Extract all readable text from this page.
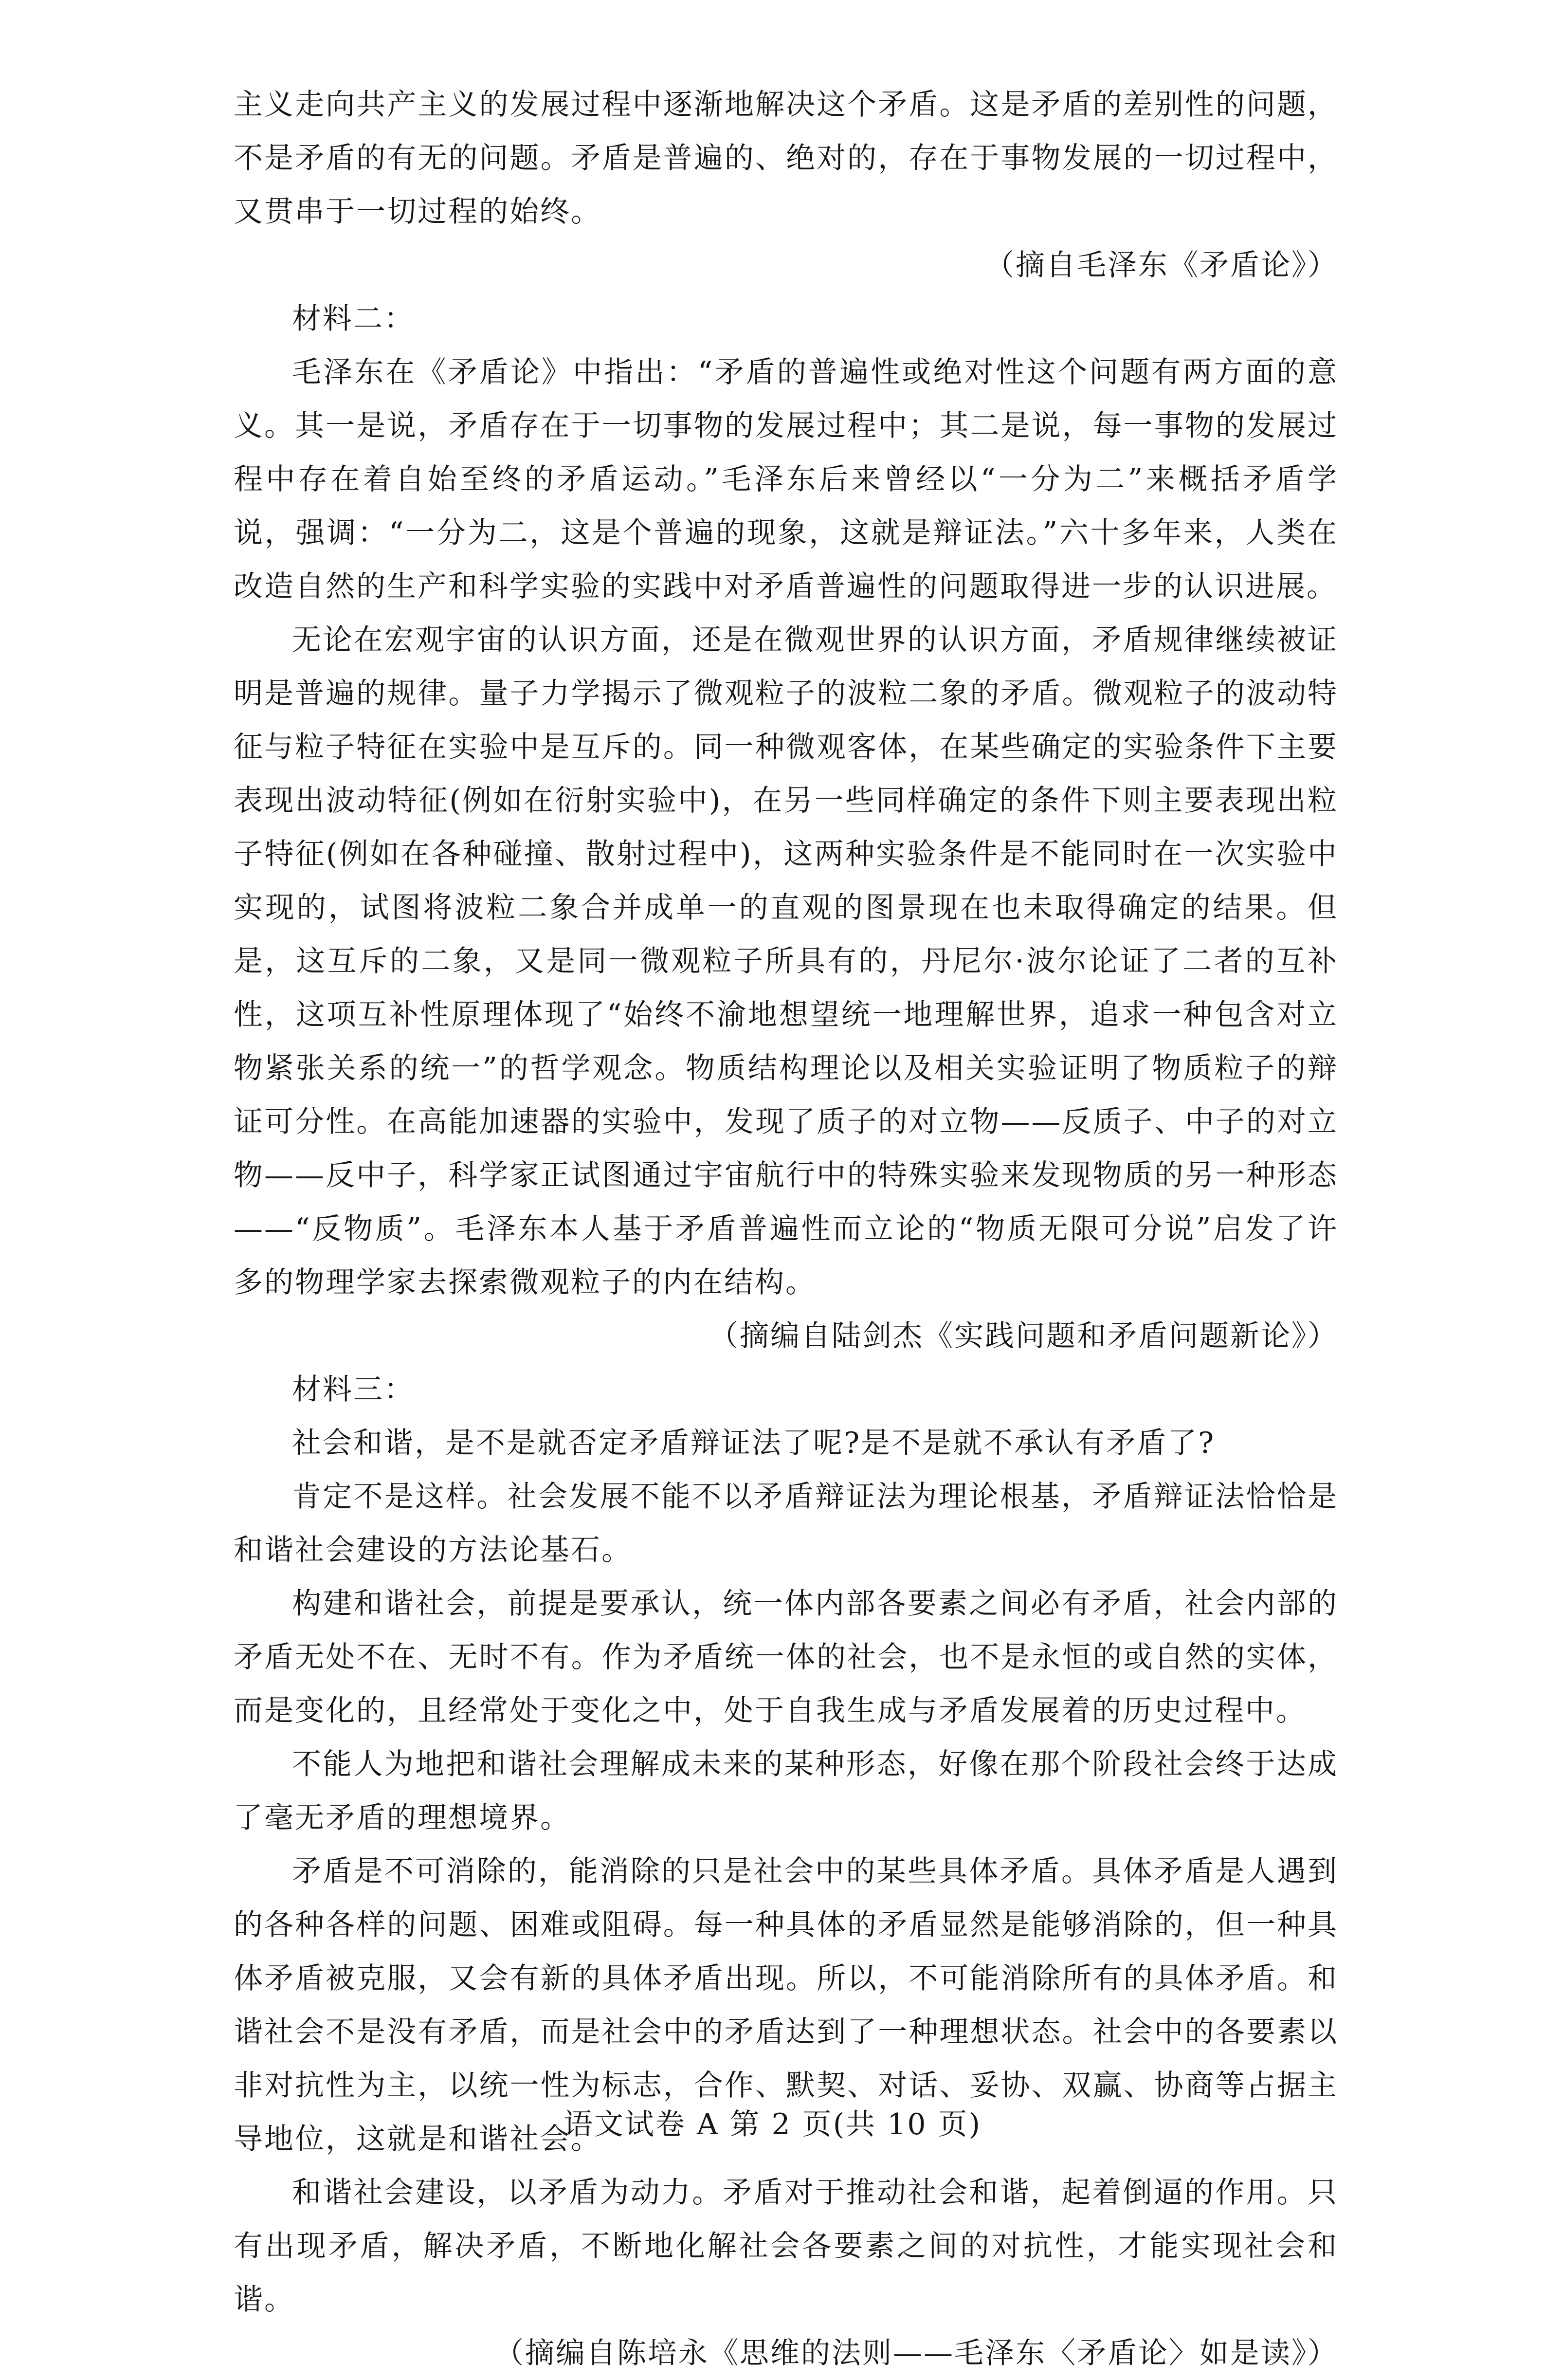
主义走向共产主义的发展过程中逐渐地解决这个矛盾。这是矛盾的差别性的问题，不是矛盾的有无的问题。矛盾是普遍的、绝对的，存在于事物发展的一切过程中，又贯串于一切过程的始终。

（摘自毛泽东《矛盾论》）

材料二：

毛泽东在《矛盾论》中指出：“矛盾的普遍性或绝对性这个问题有两方面的意义。其一是说，矛盾存在于一切事物的发展过程中；其二是说，每一事物的发展过程中存在着自始至终的矛盾运动。”毛泽东后来曾经以“一分为二”来概括矛盾学说，强调：“一分为二，这是个普遍的现象，这就是辩证法。”六十多年来，人类在改造自然的生产和科学实验的实践中对矛盾普遍性的问题取得进一步的认识进展。

无论在宏观宇宙的认识方面，还是在微观世界的认识方面，矛盾规律继续被证明是普遍的规律。量子力学揭示了微观粒子的波粒二象的矛盾。微观粒子的波动特征与粒子特征在实验中是互斥的。同一种微观客体，在某些确定的实验条件下主要表现出波动特征(例如在衍射实验中)，在另一些同样确定的条件下则主要表现出粒子特征(例如在各种碰撞、散射过程中)，这两种实验条件是不能同时在一次实验中实现的，试图将波粒二象合并成单一的直观的图景现在也未取得确定的结果。但是，这互斥的二象，又是同一微观粒子所具有的，丹尼尔·波尔论证了二者的互补性，这项互补性原理体现了“始终不渝地想望统一地理解世界，追求一种包含对立物紧张关系的统一”的哲学观念。物质结构理论以及相关实验证明了物质粒子的辩证可分性。在高能加速器的实验中，发现了质子的对立物——反质子、中子的对立物——反中子，科学家正试图通过宇宙航行中的特殊实验来发现物质的另一种形态——“反物质”。毛泽东本人基于矛盾普遍性而立论的“物质无限可分说”启发了许多的物理学家去探索微观粒子的内在结构。

（摘编自陆剑杰《实践问题和矛盾问题新论》）

材料三：

社会和谐，是不是就否定矛盾辩证法了呢?是不是就不承认有矛盾了?

肯定不是这样。社会发展不能不以矛盾辩证法为理论根基，矛盾辩证法恰恰是和谐社会建设的方法论基石。

构建和谐社会，前提是要承认，统一体内部各要素之间必有矛盾，社会内部的矛盾无处不在、无时不有。作为矛盾统一体的社会，也不是永恒的或自然的实体，而是变化的，且经常处于变化之中，处于自我生成与矛盾发展着的历史过程中。

不能人为地把和谐社会理解成未来的某种形态，好像在那个阶段社会终于达成了毫无矛盾的理想境界。

矛盾是不可消除的，能消除的只是社会中的某些具体矛盾。具体矛盾是人遇到的各种各样的问题、困难或阻碍。每一种具体的矛盾显然是能够消除的，但一种具体矛盾被克服，又会有新的具体矛盾出现。所以，不可能消除所有的具体矛盾。和谐社会不是没有矛盾，而是社会中的矛盾达到了一种理想状态。社会中的各要素以非对抗性为主，以统一性为标志，合作、默契、对话、妥协、双赢、协商等占据主导地位，这就是和谐社会。

和谐社会建设，以矛盾为动力。矛盾对于推动社会和谐，起着倒逼的作用。只有出现矛盾，解决矛盾，不断地化解社会各要素之间的对抗性，才能实现社会和谐。

（摘编自陈培永《思维的法则——毛泽东〈矛盾论〉如是读》）

语文试卷 A 第 2 页(共 10 页)
